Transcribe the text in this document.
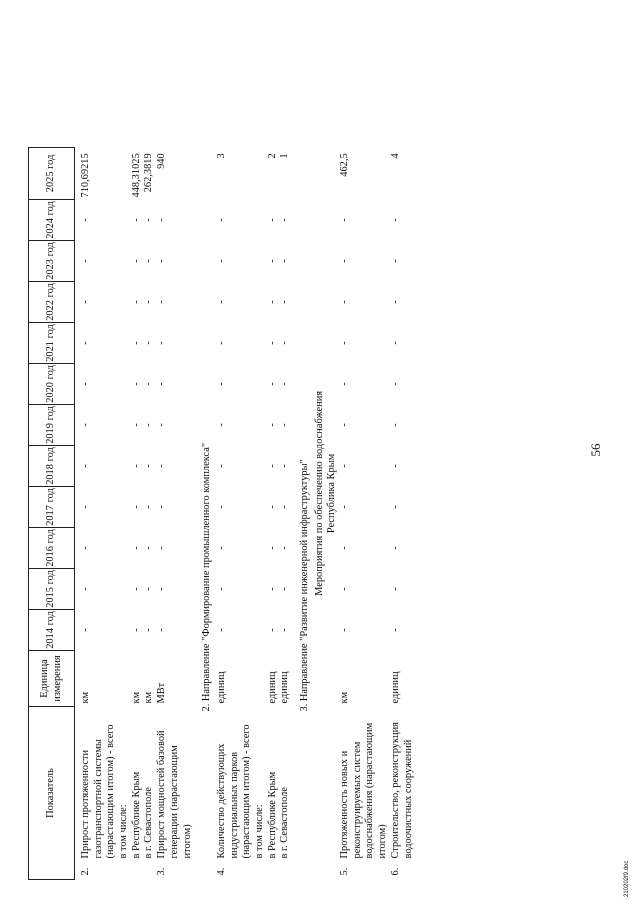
56
Показатель		Единица измерения	2014 год	2015 год	2016 год	2017 год	2018 год	2019 год	2020 год	2021 год	2022 год	2023 год	2024 год	2025 год
2.	Прирост протяженности газотранспортной системы (нарастающим итогом) - всего	км	-	-	-	-	-	-	-	-	-	-	-	710,69215
	в том числе:													
	в Республике Крым	км	-	-	-	-	-	-	-	-	-	-	-	448,31025
	в г. Севастополе	км	-	-	-	-	-	-	-	-	-	-	-	262,3819
3.	Прирост мощностей базовой генерации (нарастающим итогом)	МВт	-	-	-	-	-	-	-	-	-	-	-	940
2. Направление "Формирование промышленного комплекса"														
4.	Количество действующих индустриальных парков (нарастающим итогом) - всего	единиц	-	-	-	-	-	-	-	-	-	-	-	3
	в том числе:													
	в Республике Крым	единиц	-	-	-	-	-	-	-	-	-	-	-	2
	в г. Севастополе	единиц	-	-	-	-	-	-	-	-	-	-	-	1
3. Направление "Развитие инженерной инфраструктуры"														
Мероприятия по обеспечению водоснабжения														
Республика Крым														
5.	Протяженность новых и реконструируемых систем водоснабжения (нарастающим итогом)	км	-	-	-	-	-	-	-	-	-	-	-	462,5
6.	Строительство, реконструкция водоочистных сооружений	единиц	-	-	-	-	-	-	-	-	-	-	-	4
210202f9.doc
